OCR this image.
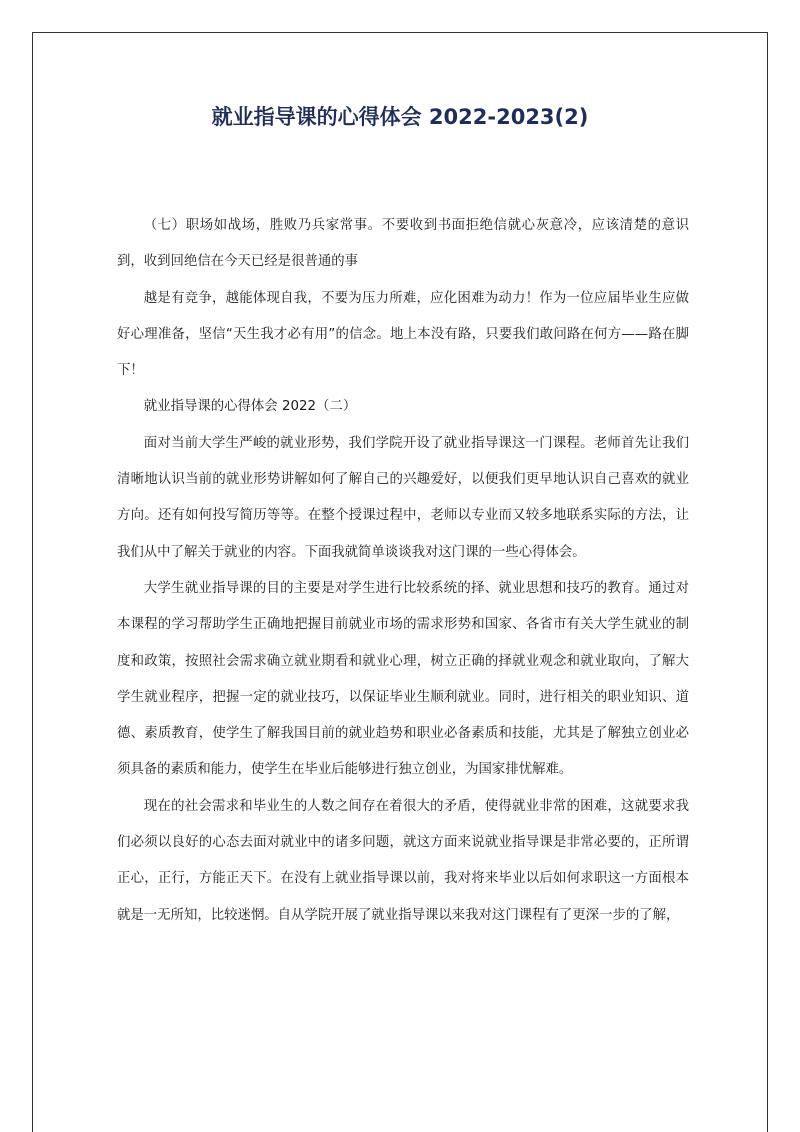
就业指导课的心得体会 2022-2023(2)

（七）职场如战场，胜败乃兵家常事。不要收到书面拒绝信就心灰意冷，应该清楚的意识到，收到回绝信在今天已经是很普通的事

越是有竞争，越能体现自我，不要为压力所难，应化困难为动力！作为一位应届毕业生应做好心理准备，坚信“天生我才必有用”的信念。地上本没有路，只要我们敢问路在何方——路在脚下！

就业指导课的心得体会 2022（二）

面对当前大学生严峻的就业形势，我们学院开设了就业指导课这一门课程。老师首先让我们清晰地认识当前的就业形势讲解如何了解自己的兴趣爱好，以便我们更早地认识自己喜欢的就业方向。还有如何投写简历等等。在整个授课过程中，老师以专业而又较多地联系实际的方法，让我们从中了解关于就业的内容。下面我就简单谈谈我对这门课的一些心得体会。

大学生就业指导课的目的主要是对学生进行比较系统的择、就业思想和技巧的教育。通过对本课程的学习帮助学生正确地把握目前就业市场的需求形势和国家、各省市有关大学生就业的制度和政策，按照社会需求确立就业期看和就业心理，树立正确的择就业观念和就业取向，了解大学生就业程序，把握一定的就业技巧，以保证毕业生顺利就业。同时，进行相关的职业知识、道德、素质教育，使学生了解我国目前的就业趋势和职业必备素质和技能，尤其是了解独立创业必须具备的素质和能力，使学生在毕业后能够进行独立创业，为国家排忧解难。

现在的社会需求和毕业生的人数之间存在着很大的矛盾，使得就业非常的困难，这就要求我们必须以良好的心态去面对就业中的诸多问题，就这方面来说就业指导课是非常必要的，正所谓正心，正行，方能正天下。在没有上就业指导课以前，我对将来毕业以后如何求职这一方面根本就是一无所知，比较迷惘。自从学院开展了就业指导课以来我对这门课程有了更深一步的了解，
